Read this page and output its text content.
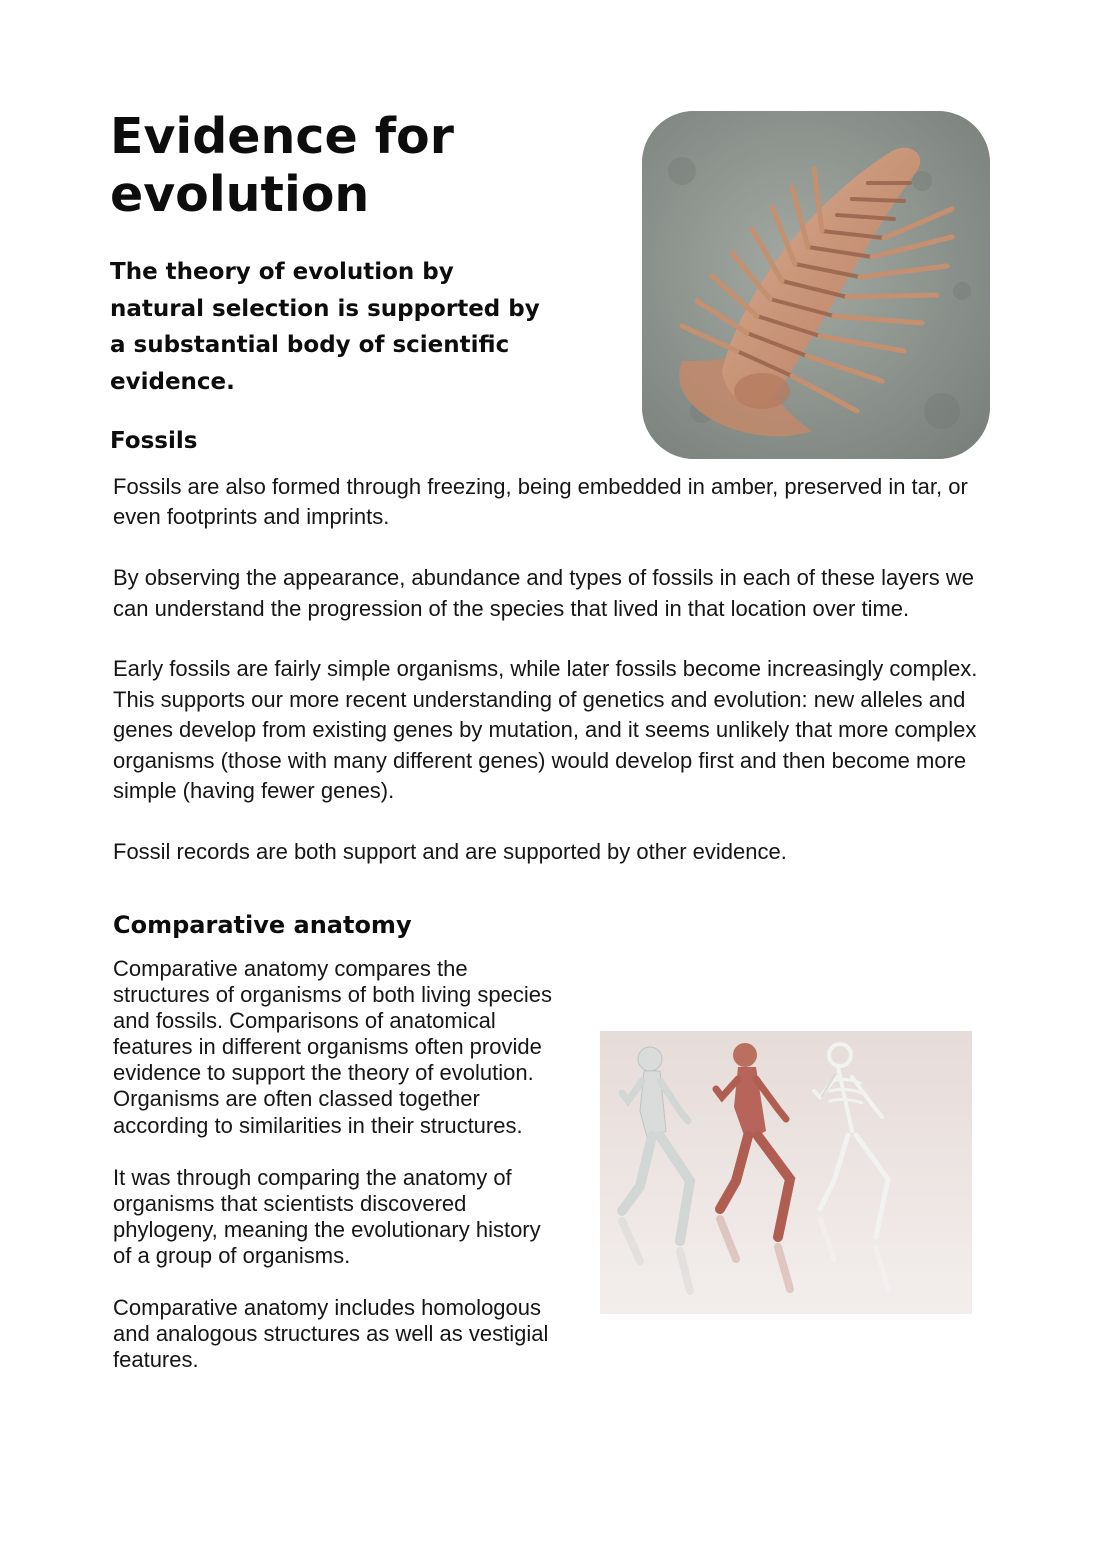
Evidence for evolution

The theory of evolution by natural selection is supported by a substantial body of scientific evidence.

Fossils

Fossils are also formed through freezing, being embedded in amber, preserved in tar, or even footprints and imprints.

By observing the appearance, abundance and types of fossils in each of these layers we can understand the progression of the species that lived in that location over time.

Early fossils are fairly simple organisms, while later fossils become increasingly complex. This supports our more recent understanding of genetics and evolution: new alleles and genes develop from existing genes by mutation, and it seems unlikely that more complex organisms (those with many different genes) would develop first and then become more simple (having fewer genes).

Fossil records are both support and are supported by other evidence.

Comparative anatomy

Comparative anatomy compares the structures of organisms of both living species and fossils. Comparisons of anatomical features in different organisms often provide evidence to support the theory of evolution. Organisms are often classed together according to similarities in their structures.

It was through comparing the anatomy of organisms that scientists discovered phylogeny, meaning the evolutionary history of a group of organisms.

Comparative anatomy includes homologous and analogous structures as well as vestigial features.
